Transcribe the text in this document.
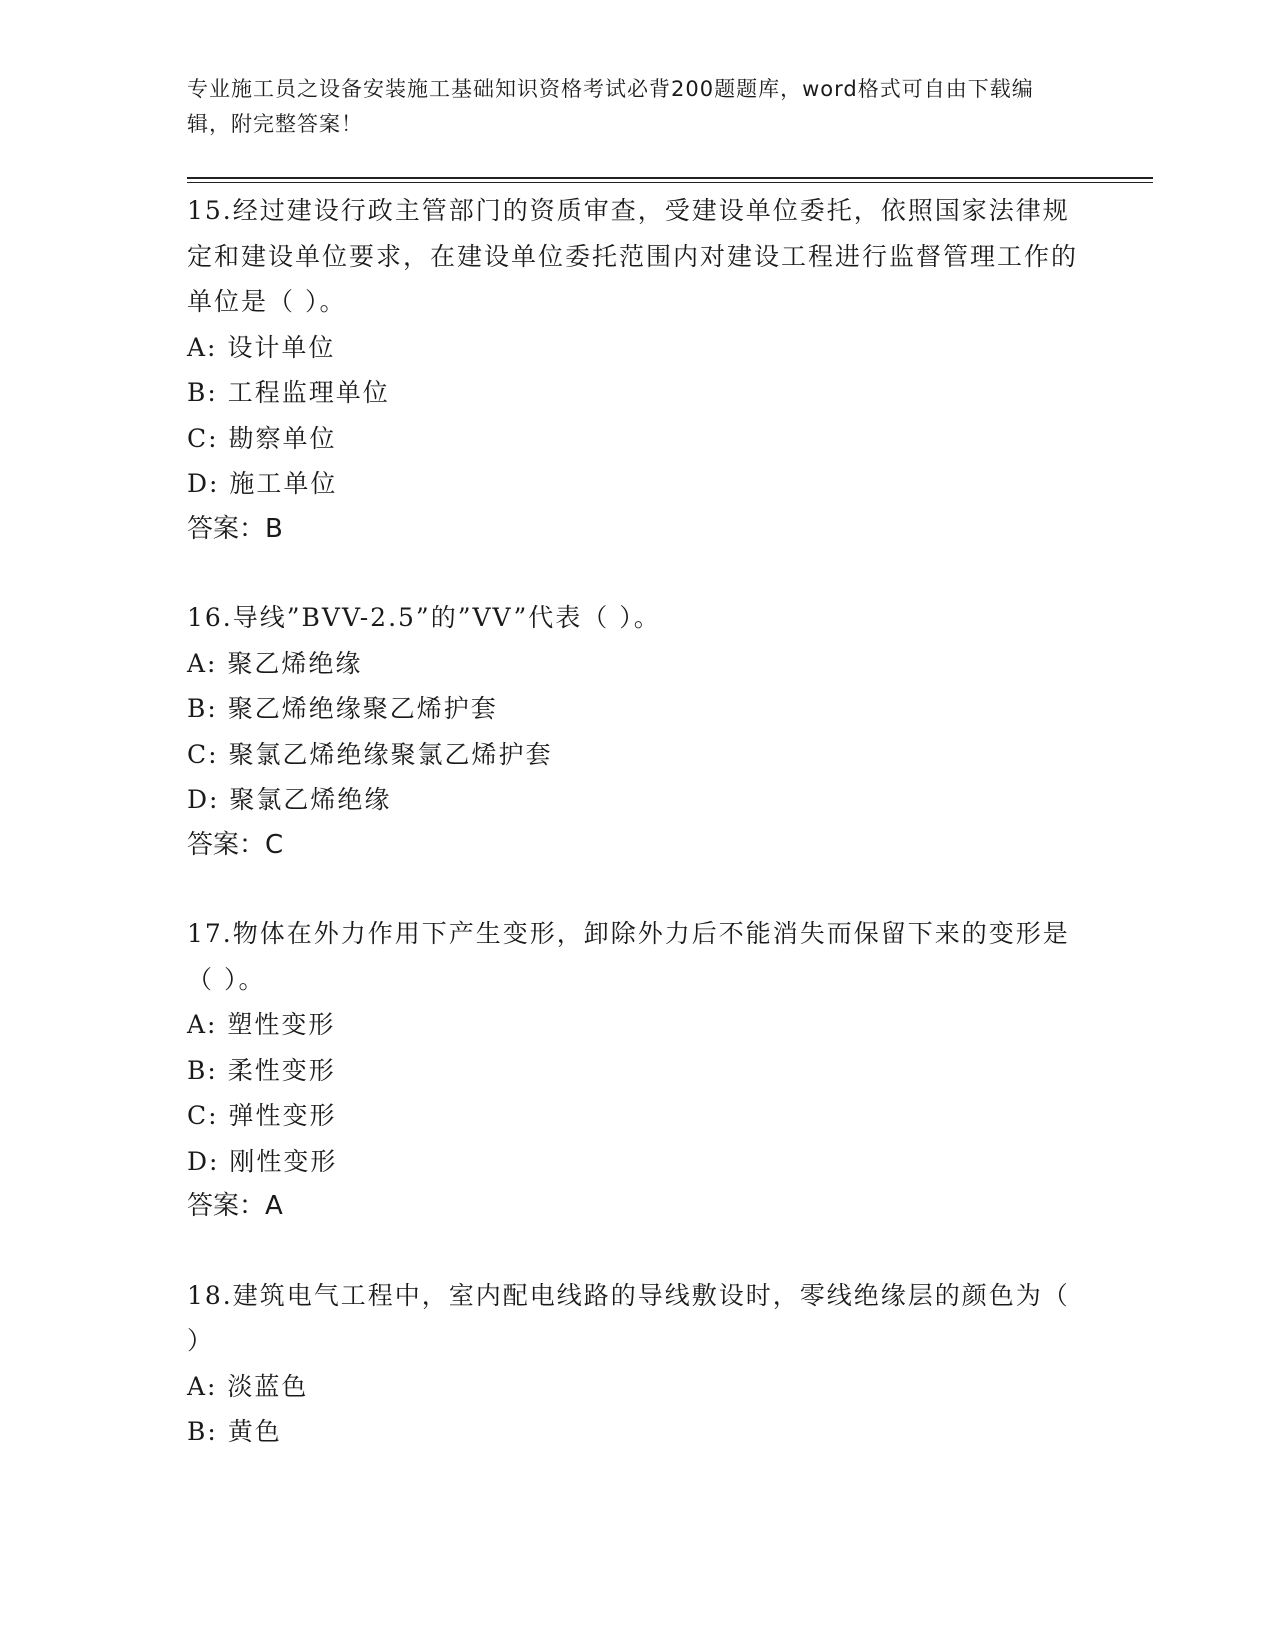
专业施工员之设备安装施工基础知识资格考试必背200题题库，word格式可自由下载编辑，附完整答案！

15.经过建设行政主管部门的资质审查，受建设单位委托，依照国家法律规定和建设单位要求，在建设单位委托范围内对建设工程进行监督管理工作的单位是（ ）。

A: 设计单位

B: 工程监理单位

C: 勘察单位

D: 施工单位

答案：B

16.导线”BVV-2.5”的”VV”代表（ ）。

A: 聚乙烯绝缘

B: 聚乙烯绝缘聚乙烯护套

C: 聚氯乙烯绝缘聚氯乙烯护套

D: 聚氯乙烯绝缘

答案：C

17.物体在外力作用下产生变形，卸除外力后不能消失而保留下来的变形是（ ）。

A: 塑性变形

B: 柔性变形

C: 弹性变形

D: 刚性变形

答案：A

18.建筑电气工程中，室内配电线路的导线敷设时，零线绝缘层的颜色为（ ）

A: 淡蓝色

B: 黄色
